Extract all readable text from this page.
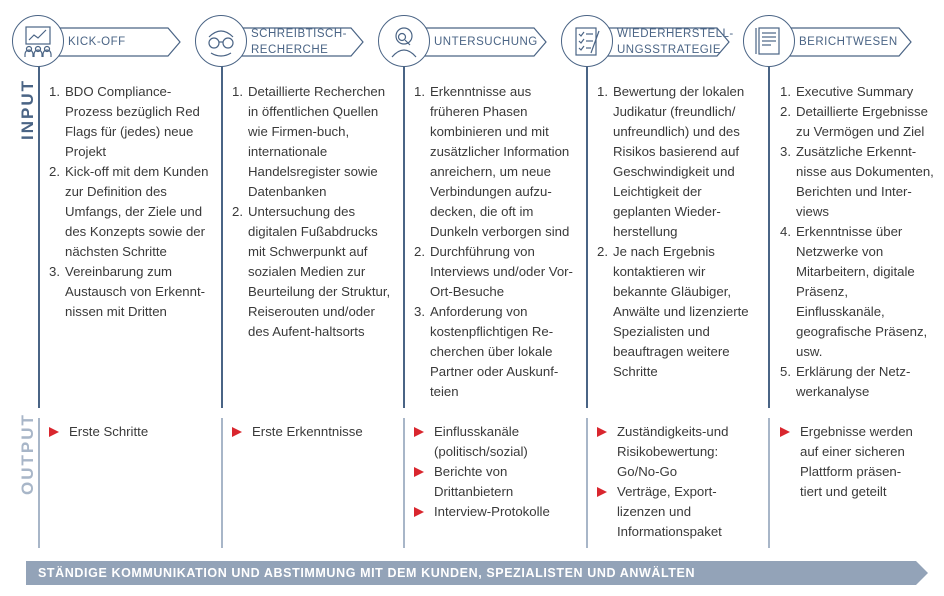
INPUT
OUTPUT
KICK-OFF
SCHREIBTISCH-
RECHERCHE
UNTERSUCHUNG
WIEDERHERSTELL-
UNGSSTRATEGIE
BERICHTWESEN
1. BDO Compliance-Prozess bezüglich Red Flags für (jedes) neue Projekt
2. Kick-off mit dem Kunden zur Definition des Umfangs, der Ziele und des Konzepts sowie der nächsten Schritte
3. Vereinbarung zum Austausch von Erkennt-nissen mit Dritten
1. Detaillierte Recherchen in öffentlichen Quellen wie Firmen-buch, internationale Handelsregister sowie Datenbanken
2. Untersuchung des digitalen Fußabdrucks mit Schwerpunkt auf sozialen Medien zur Beurteilung der Struktur, Reiserouten und/oder des Aufent-haltsorts
1. Erkenntnisse aus früheren Phasen kombinieren und mit zusätzlicher Information anreichern, um neue Verbindungen aufzu-decken, die oft im Dunkeln verborgen sind
2. Durchführung von Interviews und/oder Vor-Ort-Besuche
3. Anforderung von kostenpflichtigen Re-cherchen über lokale Partner oder Auskunf-teien
1. Bewertung der lokalen Judikatur (freundlich/ unfreundlich) und des Risikos basierend auf Geschwindigkeit und Leichtigkeit der geplanten Wieder-herstellung
2. Je nach Ergebnis kontaktieren wir bekannte Gläubiger, Anwälte und lizenzierte Spezialisten und beauftragen weitere Schritte
1. Executive Summary
2. Detaillierte Ergebnisse zu Vermögen und Ziel
3. Zusätzliche Erkennt-nisse aus Dokumenten, Berichten und Inter-views
4. Erkenntnisse über Netzwerke von Mitarbeitern, digitale Präsenz, Einflusskanäle, geografische Präsenz, usw.
5. Erklärung der Netz-werkanalyse
Erste Schritte	Erste Erkenntnisse	Einflusskanäle (politisch/sozial)
Berichte von Drittanbietern
Interview-Protokolle
Zuständigkeits-und Risikobewertung: Go/No-Go
Verträge, Export-lizenzen und Informationspaket
Ergebnisse werden auf einer sicheren Plattform präsen-tiert und geteilt
STÄNDIGE KOMMUNIKATION UND ABSTIMMUNG MIT DEM KUNDEN, SPEZIALISTEN UND ANWÄLTEN
